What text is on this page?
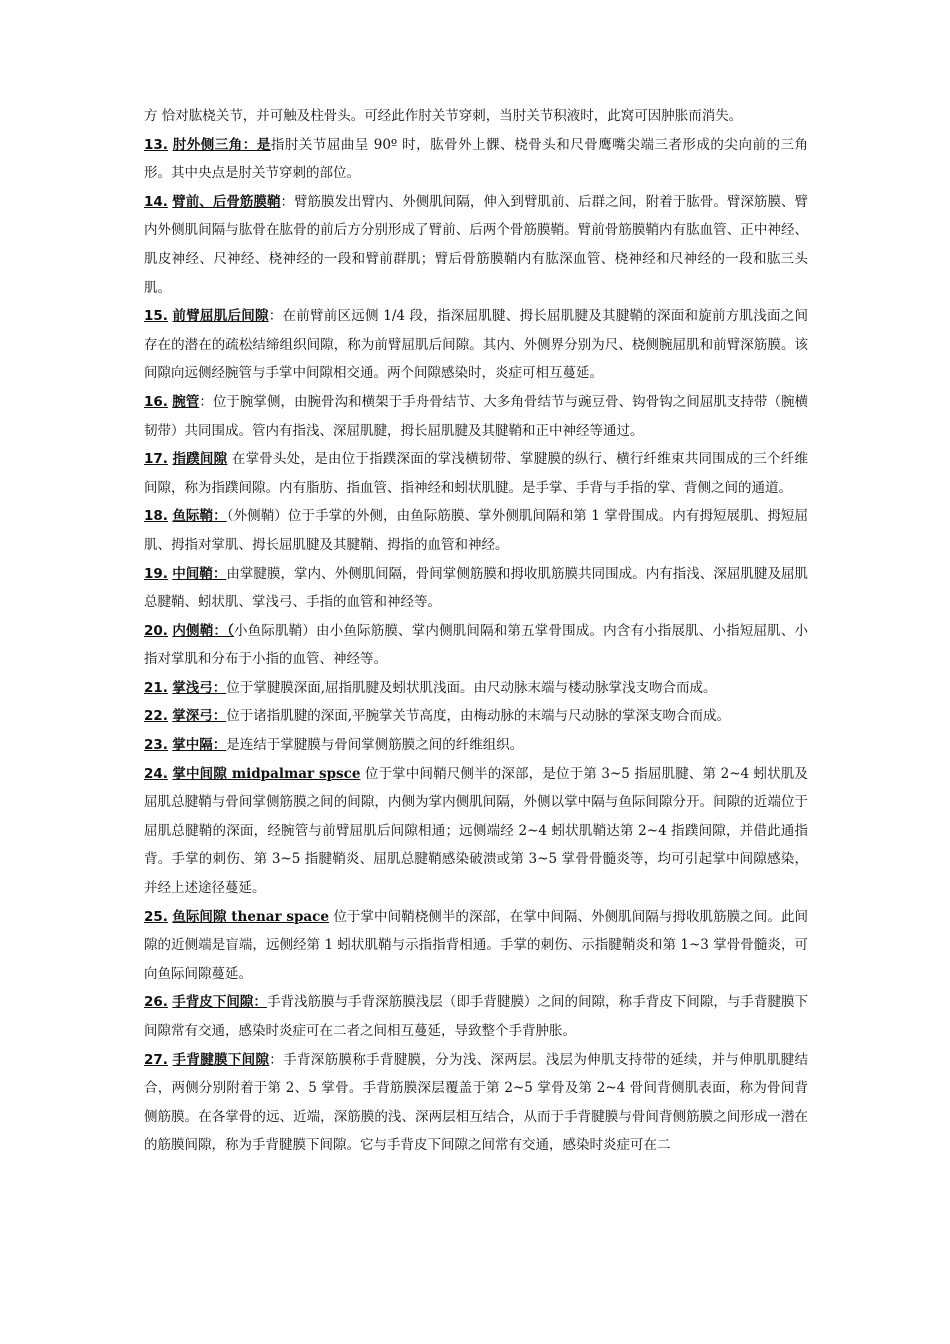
方 恰对肱桡关节，并可触及柱骨头。可经此作肘关节穿刺，当肘关节积液时，此窝可因肿胀而消失。

13. 肘外侧三角：是指肘关节屈曲呈 90º 时，肱骨外上髁、桡骨头和尺骨鹰嘴尖端三者形成的尖向前的三角形。其中央点是肘关节穿刺的部位。

14. 臂前、后骨筋膜鞘：臂筋膜发出臂内、外侧肌间隔，伸入到臂肌前、后群之间，附着于肱骨。臂深筋膜、臂内外侧肌间隔与肱骨在肱骨的前后方分别形成了臂前、后两个骨筋膜鞘。臂前骨筋膜鞘内有肱血管、正中神经、肌皮神经、尺神经、桡神经的一段和臂前群肌；臂后骨筋膜鞘内有肱深血管、桡神经和尺神经的一段和肱三头肌。

15. 前臂屈肌后间隙：在前臂前区远侧 1/4 段，指深屈肌腱、拇长屈肌腱及其腱鞘的深面和旋前方肌浅面之间存在的潜在的疏松结缔组织间隙，称为前臂屈肌后间隙。其内、外侧界分别为尺、桡侧腕屈肌和前臂深筋膜。该间隙向远侧经腕管与手掌中间隙相交通。两个间隙感染时，炎症可相互蔓延。

16. 腕管：位于腕掌侧，由腕骨沟和横架于手舟骨结节、大多角骨结节与豌豆骨、钩骨钩之间屈肌支持带（腕横韧带）共同围成。管内有指浅、深屈肌腱，拇长屈肌腱及其腱鞘和正中神经等通过。

17. 指蹼间隙 在掌骨头处，是由位于指蹼深面的掌浅横韧带、掌腱膜的纵行、横行纤维束共同围成的三个纤维间隙，称为指蹼间隙。内有脂肪、指血管、指神经和蚓状肌腱。是手掌、手背与手指的掌、背侧之间的通道。

18. 鱼际鞘：（外侧鞘）位于手掌的外侧，由鱼际筋膜、掌外侧肌间隔和第 1 掌骨围成。内有拇短展肌、拇短屈肌、拇指对掌肌、拇长屈肌腱及其腱鞘、拇指的血管和神经。

19. 中间鞘：由掌腱膜，掌内、外侧肌间隔，骨间掌侧筋膜和拇收肌筋膜共同围成。内有指浅、深屈肌腱及屈肌总腱鞘、蚓状肌、掌浅弓、手指的血管和神经等。

20. 内侧鞘：（小鱼际肌鞘）由小鱼际筋膜、掌内侧肌间隔和第五掌骨围成。内含有小指展肌、小指短屈肌、小指对掌肌和分布于小指的血管、神经等。

21. 掌浅弓：位于掌腱膜深面,屈指肌腱及蚓状肌浅面。由尺动脉末端与楼动脉掌浅支吻合而成。

22. 掌深弓：位于诸指肌腱的深面,平腕掌关节高度，由梅动脉的末端与尺动脉的掌深支吻合而成。

23. 掌中隔：是连结于掌腱膜与骨间掌侧筋膜之间的纤维组织。

24. 掌中间隙 midpalmar spsce 位于掌中间鞘尺侧半的深部，是位于第 3~5 指屈肌腱、第 2~4 蚓状肌及屈肌总腱鞘与骨间掌侧筋膜之间的间隙，内侧为掌内侧肌间隔，外侧以掌中隔与鱼际间隙分开。间隙的近端位于屈肌总腱鞘的深面，经腕管与前臂屈肌后间隙相通；远侧端经 2~4 蚓状肌鞘达第 2~4 指蹼间隙，并借此通指背。手掌的刺伤、第 3~5 指腱鞘炎、屈肌总腱鞘感染破溃或第 3~5 掌骨骨髓炎等，均可引起掌中间隙感染，并经上述途径蔓延。

25. 鱼际间隙 thenar space 位于掌中间鞘桡侧半的深部，在掌中间隔、外侧肌间隔与拇收肌筋膜之间。此间隙的近侧端是盲端，远侧经第 1 蚓状肌鞘与示指指背相通。手掌的刺伤、示指腱鞘炎和第 1~3 掌骨骨髓炎，可向鱼际间隙蔓延。

26. 手背皮下间隙：手背浅筋膜与手背深筋膜浅层（即手背腱膜）之间的间隙，称手背皮下间隙，与手背腱膜下间隙常有交通，感染时炎症可在二者之间相互蔓延，导致整个手背肿胀。

27. 手背腱膜下间隙：手背深筋膜称手背腱膜，分为浅、深两层。浅层为伸肌支持带的延续，并与伸肌肌腱结合，两侧分别附着于第 2、5 掌骨。手背筋膜深层覆盖于第 2~5 掌骨及第 2~4 骨间背侧肌表面，称为骨间背侧筋膜。在各掌骨的远、近端，深筋膜的浅、深两层相互结合，从而于手背腱膜与骨间背侧筋膜之间形成一潜在的筋膜间隙，称为手背腱膜下间隙。它与手背皮下间隙之间常有交通，感染时炎症可在二
